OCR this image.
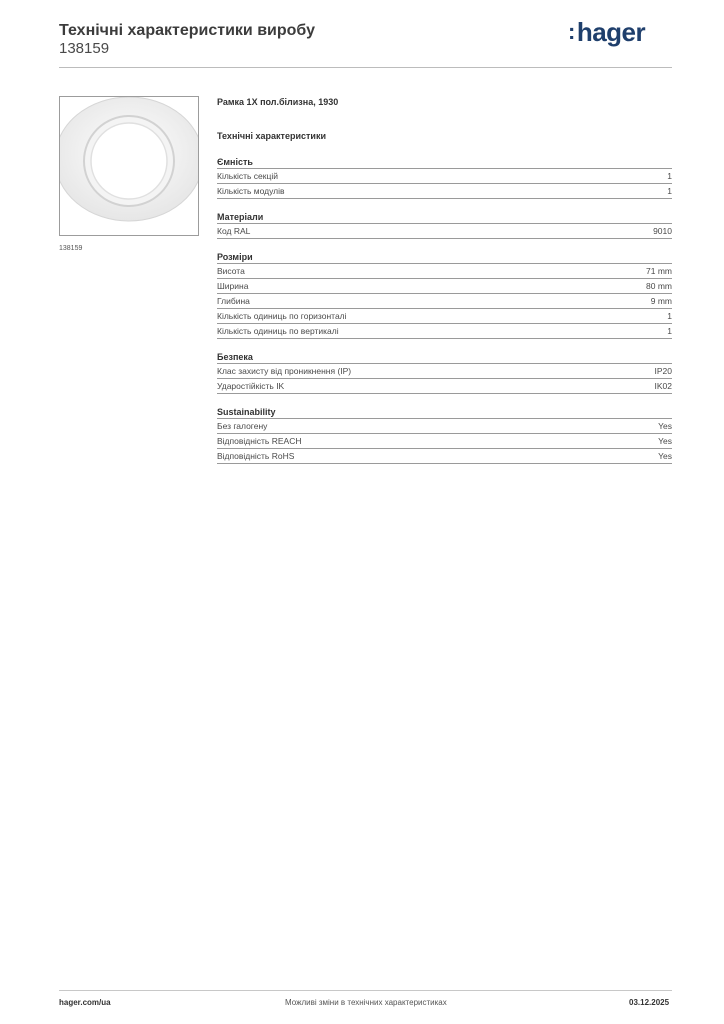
Технічні характеристики виробу
138159
:hager
138159
Рамка 1X пол.білизна, 1930
Технічні характеристики
Ємність
Кількість секцій	1
Кількість модулів	1
Матеріали
Код RAL	9010
Розміри
Висота	71 mm
Ширина	80 mm
Глибина	9 mm
Кількість одиниць по горизонталі	1
Кількість одиниць по вертикалі	1
Безпека
Клас захисту від проникнення (IP)	IP20
Ударостійкість IK	IK02
Sustainability
Без галогену	Yes
Відповідність REACH	Yes
Відповідність RoHS	Yes
hager.com/ua	Можливі зміни в технічних характеристиках	03.12.2025
